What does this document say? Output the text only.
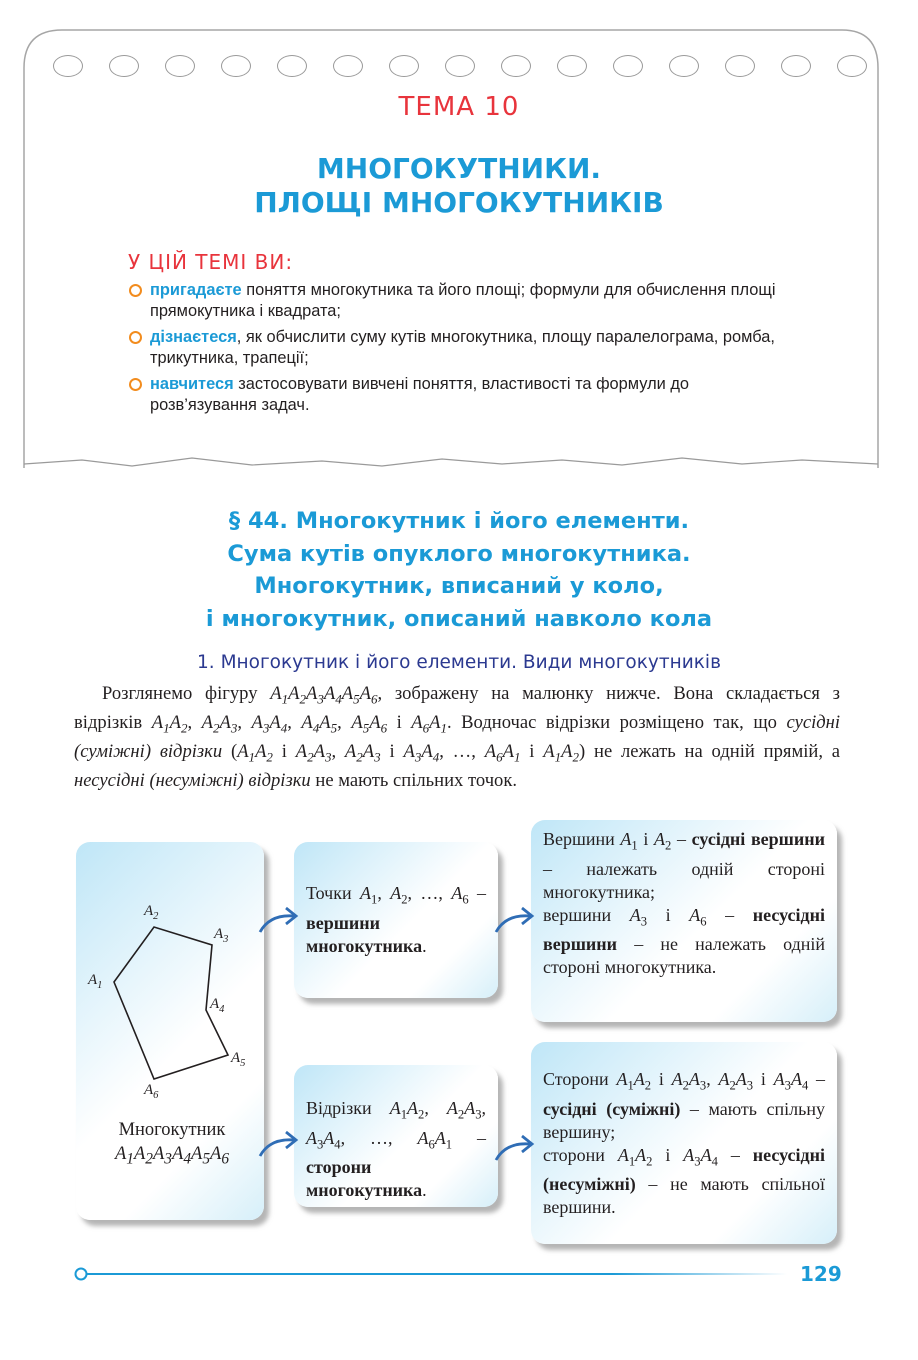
ТЕМА 10
МНОГОКУТНИКИ.
ПЛОЩІ МНОГОКУТНИКІВ
У ЦІЙ ТЕМІ ВИ:
пригадаєте поняття многокутника та його площі; формули для обчислення площі прямокутника і квадрата;
дізнаєтеся, як обчислити суму кутів многокутника, площу паралелограма, ромба, трикутника, трапеції;
навчитеся застосовувати вивчені поняття, властивості та формули до розв’язування задач.
§ 44. Многокутник і його елементи.
Сума кутів опуклого многокутника.
Многокутник, вписаний у коло,
і многокутник, описаний навколо кола
1. Многокутник і його елементи. Види многокутників

Розглянемо фігуру $A_1A_2A_3A_4A_5A_6$, зображену на малюнку нижче. Вона складається з відрізків $A_1A_2$, $A_2A_3$, $A_3A_4$, $A_4A_5$, $A_5A_6$ і $A_6A_1$. Водночас відрізки розміщено так, що сусідні (суміжні) відрізки ($A_1A_2$ і $A_2A_3$, $A_2A_3$ і $A_3A_4$, …, $A_6A_1$ і $A_1A_2$) не лежать на одній прямій, а несусідні (несуміжні) відрізки не мають спільних точок.

$A_1$
$A_2$
$A_3$
$A_4$
$A_5$
$A_6$
Многокутник
$A_1A_2A_3A_4A_5A_6$
Точки $A_1$, $A_2$, …, $A_6$ – вершини многокутника.
Відрізки $A_1A_2$, $A_2A_3$, $A_3A_4$, …, $A_6A_1$ – сторони многокутника.
Вершини $A_1$ і $A_2$ – сусідні вершини – належать одній стороні многокутника;
вершини $A_3$ і $A_6$ – несусідні вершини – не належать одній стороні многокутника.
Сторони $A_1A_2$ і $A_2A_3$, $A_2A_3$ і $A_3A_4$ – сусідні (суміжні) – мають спільну вершину;
сторони $A_1A_2$ і $A_3A_4$ – несусідні (несуміжні) – не мають спільної вершини.
129
